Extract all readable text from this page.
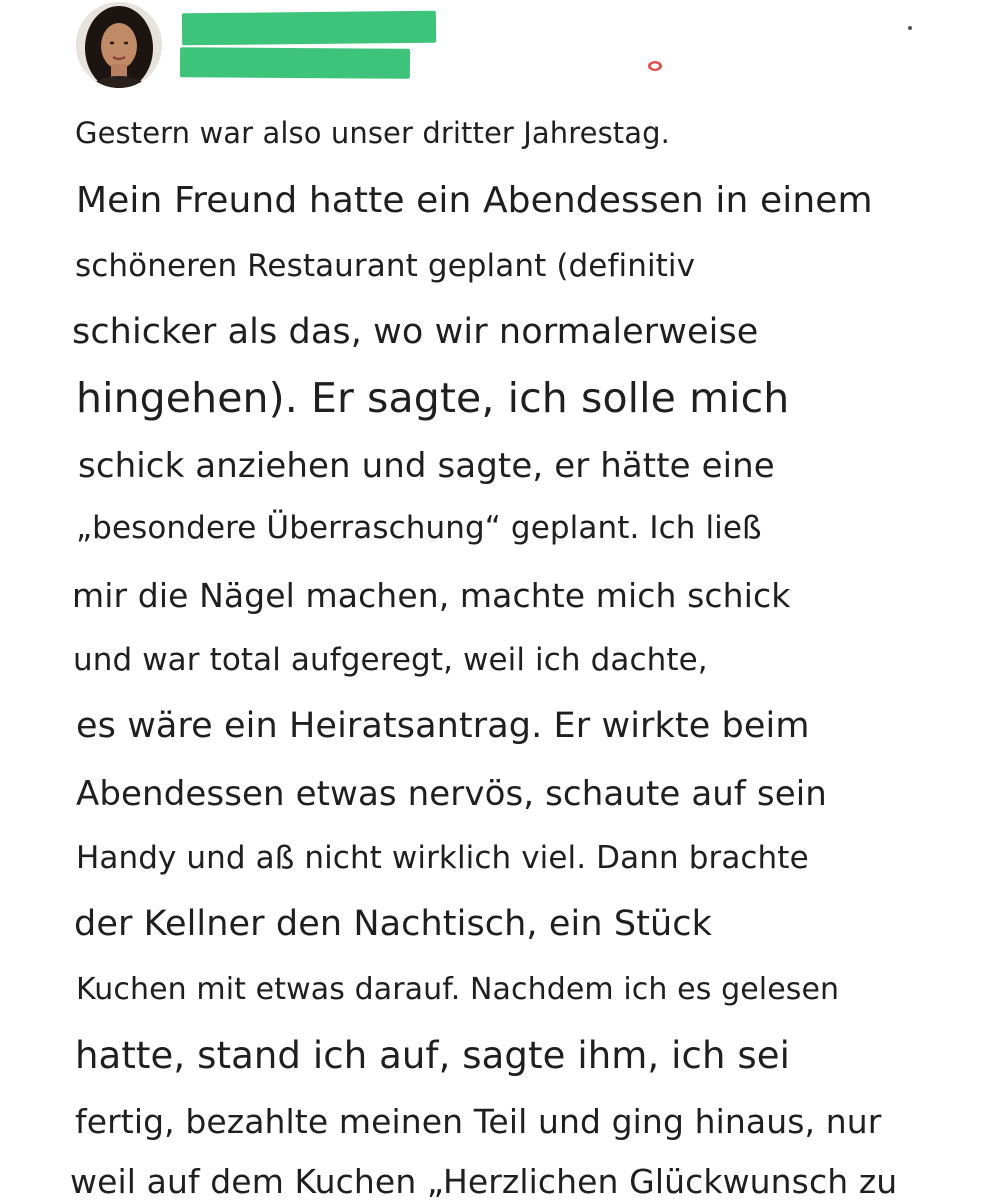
Gestern war also unser dritter Jahrestag.
Mein Freund hatte ein Abendessen in einem
schöneren Restaurant geplant (definitiv
schicker als das, wo wir normalerweise
hingehen). Er sagte, ich solle mich
schick anziehen und sagte, er hätte eine
„besondere Überraschung“ geplant. Ich ließ
mir die Nägel machen, machte mich schick
und war total aufgeregt, weil ich dachte,
es wäre ein Heiratsantrag. Er wirkte beim
Abendessen etwas nervös, schaute auf sein
Handy und aß nicht wirklich viel. Dann brachte
der Kellner den Nachtisch, ein Stück
Kuchen mit etwas darauf. Nachdem ich es gelesen
hatte, stand ich auf, sagte ihm, ich sei
fertig, bezahlte meinen Teil und ging hinaus, nur
weil auf dem Kuchen „Herzlichen Glückwunsch zu
